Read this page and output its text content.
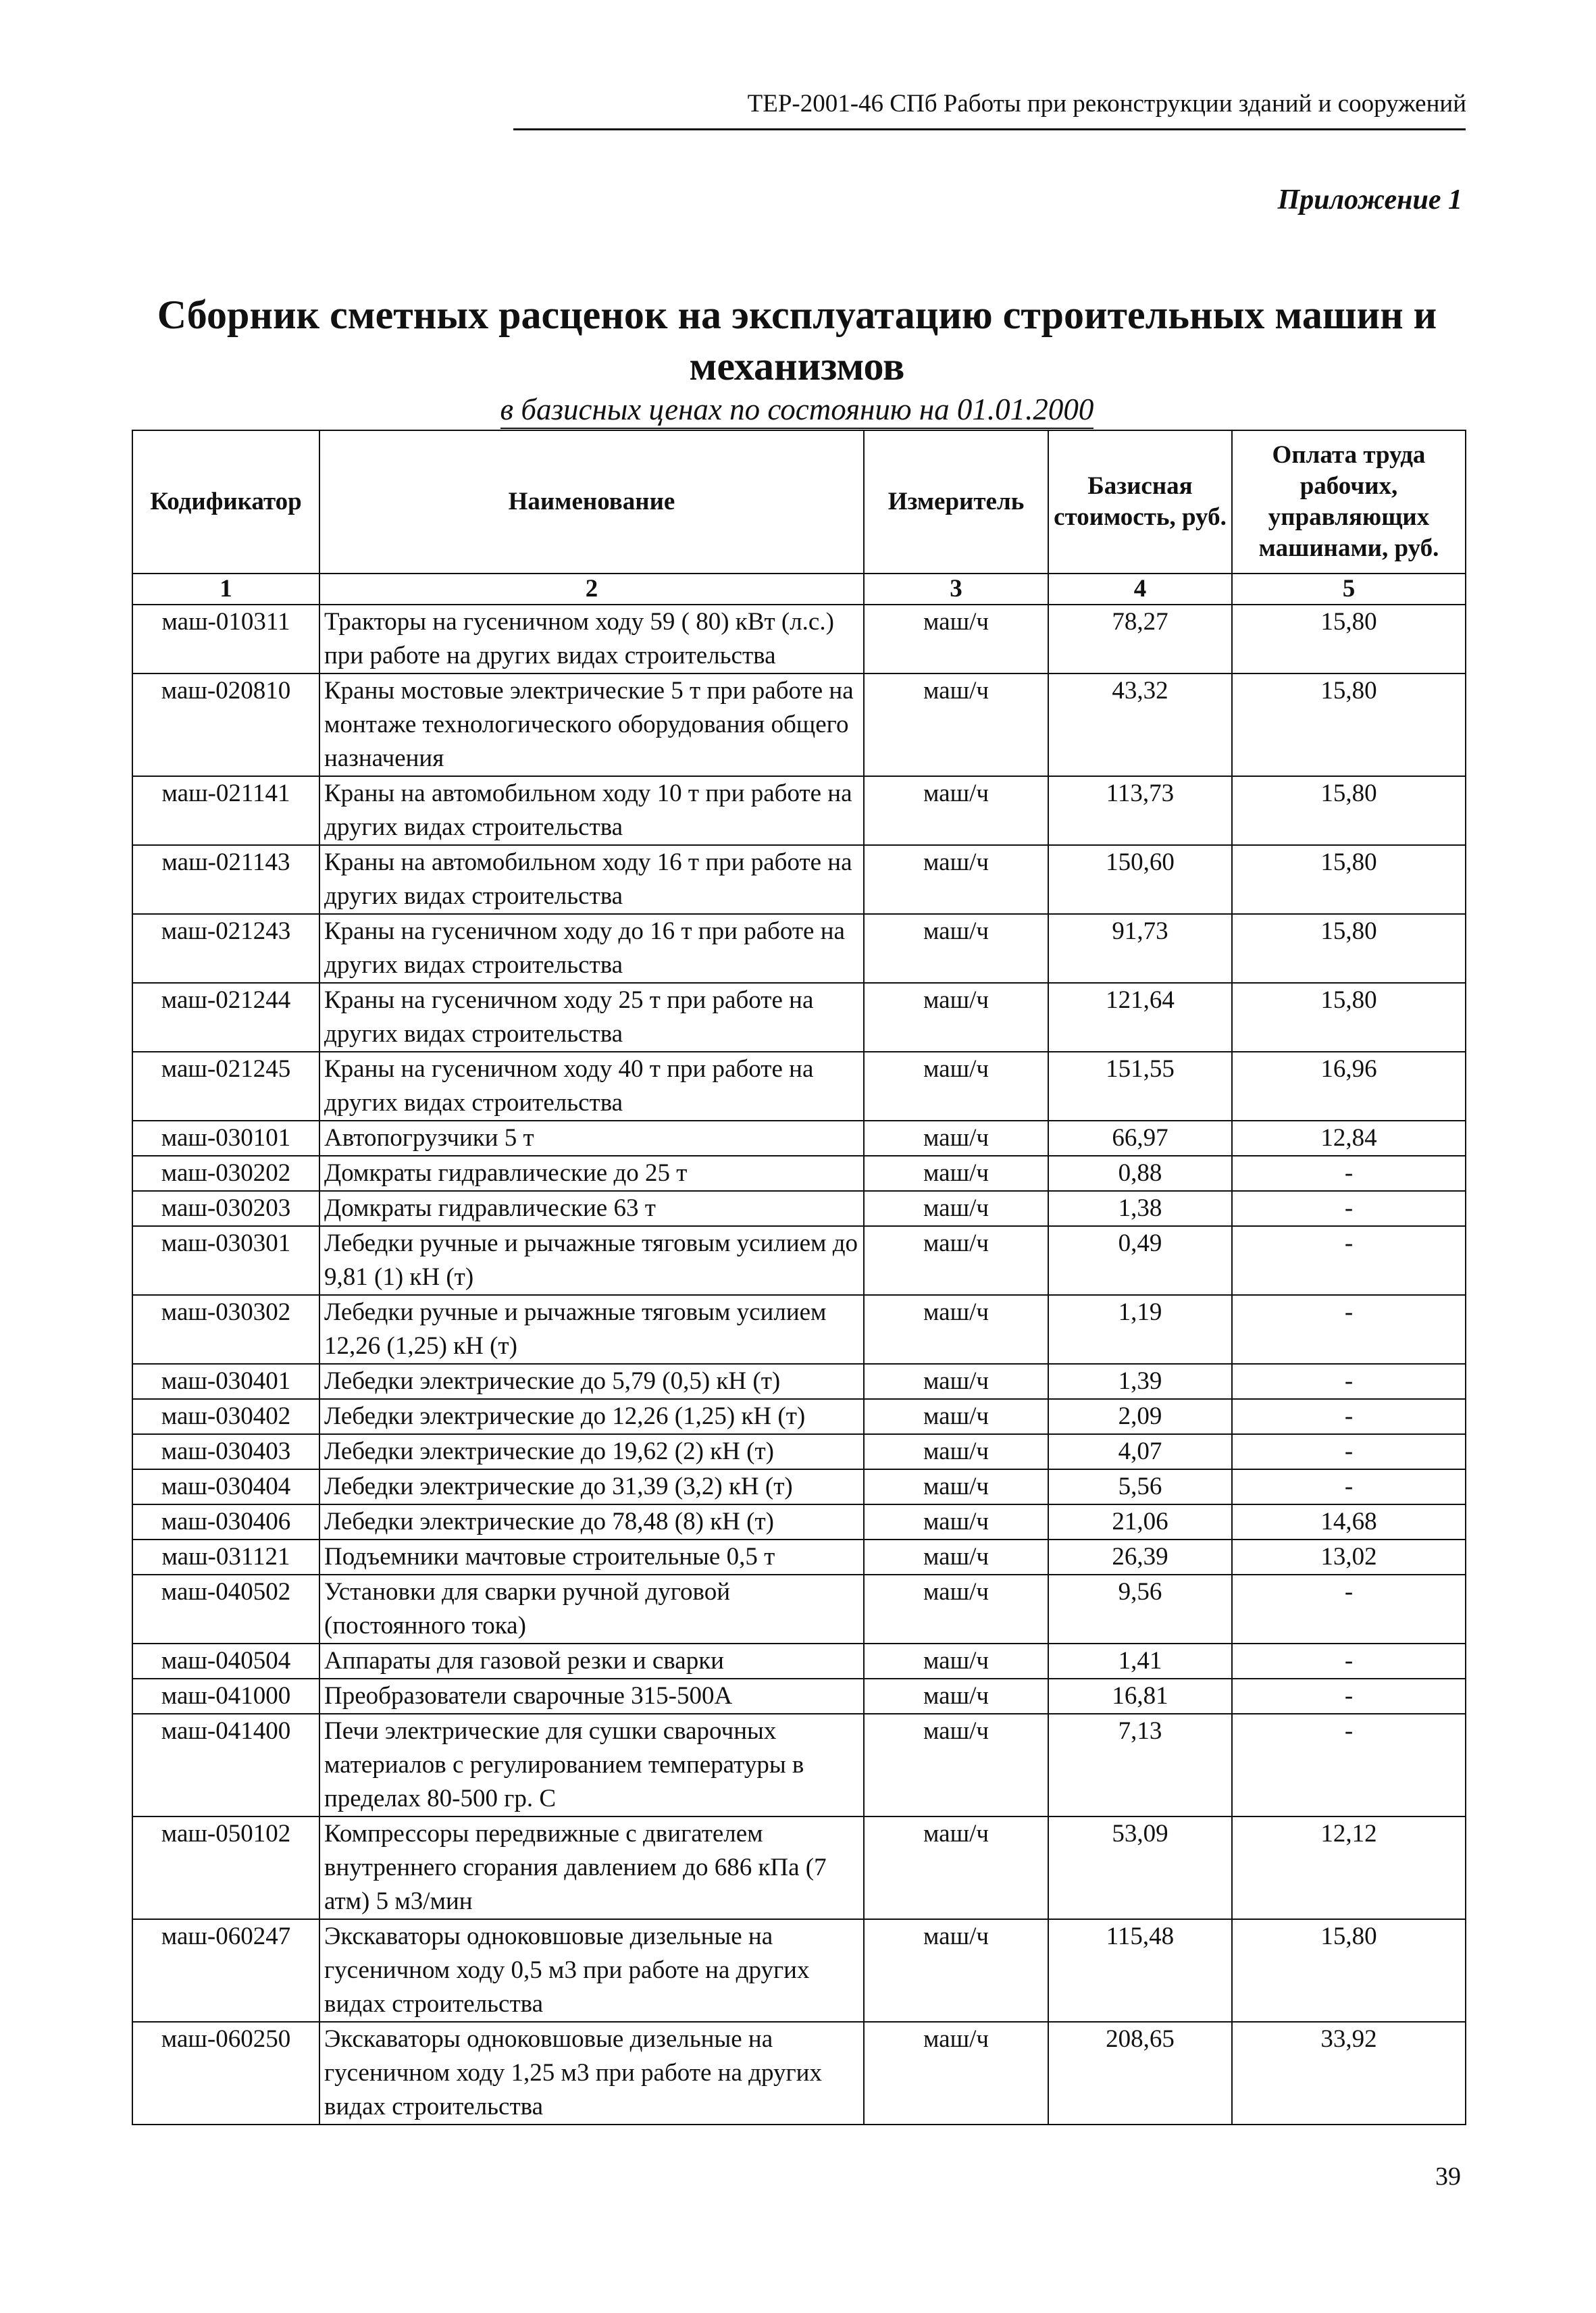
ТЕР-2001-46 СПб Работы при реконструкции зданий и сооружений
Приложение 1
Сборник сметных расценок на эксплуатацию строительных машин и
механизмов
в базисных ценах по состоянию на 01.01.2000
Кодификатор	Наименование	Измеритель	Базисная стоимость, руб.	Оплата труда рабочих, управляющих машинами, руб.
1	2	3	4	5
маш-010311	Тракторы на гусеничном ходу 59 ( 80) кВт (л.с.) при работе на других видах строительства	маш/ч	78,27	15,80
маш-020810	Краны мостовые электрические 5 т при работе на монтаже технологического оборудования общего назначения	маш/ч	43,32	15,80
маш-021141	Краны на автомобильном ходу 10 т при работе на других видах строительства	маш/ч	113,73	15,80
маш-021143	Краны на автомобильном ходу 16 т при работе на других видах строительства	маш/ч	150,60	15,80
маш-021243	Краны на гусеничном ходу до 16 т при работе на других видах строительства	маш/ч	91,73	15,80
маш-021244	Краны на гусеничном ходу 25 т при работе на других видах строительства	маш/ч	121,64	15,80
маш-021245	Краны на гусеничном ходу 40 т при работе на других видах строительства	маш/ч	151,55	16,96
маш-030101	Автопогрузчики 5 т	маш/ч	66,97	12,84
маш-030202	Домкраты гидравлические до 25 т	маш/ч	0,88	-
маш-030203	Домкраты гидравлические 63 т	маш/ч	1,38	-
маш-030301	Лебедки ручные и рычажные тяговым усилием до 9,81 (1) кН (т)	маш/ч	0,49	-
маш-030302	Лебедки ручные и рычажные тяговым усилием 12,26 (1,25) кН (т)	маш/ч	1,19	-
маш-030401	Лебедки электрические до 5,79 (0,5) кН (т)	маш/ч	1,39	-
маш-030402	Лебедки электрические до 12,26 (1,25) кН (т)	маш/ч	2,09	-
маш-030403	Лебедки электрические до 19,62 (2) кН (т)	маш/ч	4,07	-
маш-030404	Лебедки электрические до 31,39 (3,2) кН (т)	маш/ч	5,56	-
маш-030406	Лебедки электрические до 78,48 (8) кН (т)	маш/ч	21,06	14,68
маш-031121	Подъемники мачтовые строительные 0,5 т	маш/ч	26,39	13,02
маш-040502	Установки для сварки ручной дуговой (постоянного тока)	маш/ч	9,56	-
маш-040504	Аппараты для газовой резки и сварки	маш/ч	1,41	-
маш-041000	Преобразователи сварочные 315-500А	маш/ч	16,81	-
маш-041400	Печи электрические для сушки сварочных материалов с регулированием температуры в пределах 80-500 гр. С	маш/ч	7,13	-
маш-050102	Компрессоры передвижные с двигателем внутреннего сгорания давлением до 686 кПа (7 атм) 5 м3/мин	маш/ч	53,09	12,12
маш-060247	Экскаваторы одноковшовые дизельные на гусеничном ходу 0,5 м3 при работе на других видах строительства	маш/ч	115,48	15,80
маш-060250	Экскаваторы одноковшовые дизельные на гусеничном ходу 1,25 м3 при работе на других видах строительства	маш/ч	208,65	33,92
39
